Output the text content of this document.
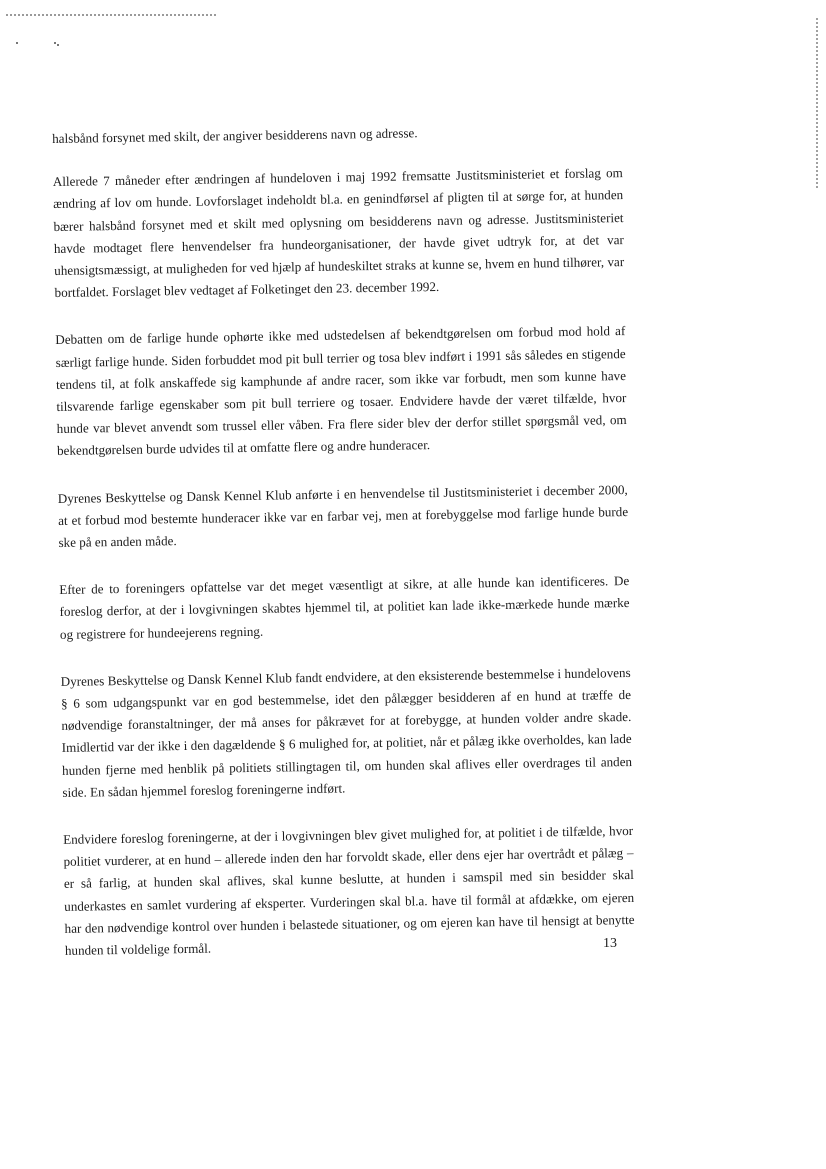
halsbånd forsynet med skilt, der angiver besidderens navn og adresse.

Allerede 7 måneder efter ændringen af hundeloven i maj 1992 fremsatte Justitsministeriet et forslag om ændring af lov om hunde. Lovforslaget indeholdt bl.a. en genindførsel af pligten til at sørge for, at hunden bærer halsbånd forsynet med et skilt med oplysning om besidderens navn og adresse. Justitsministeriet havde modtaget flere henvendelser fra hundeorganisationer, der havde givet udtryk for, at det var uhensigtsmæssigt, at muligheden for ved hjælp af hundeskiltet straks at kunne se, hvem en hund tilhører, var bortfaldet. Forslaget blev vedtaget af Folketinget den 23. december 1992.

Debatten om de farlige hunde ophørte ikke med udstedelsen af bekendtgørelsen om forbud mod hold af særligt farlige hunde. Siden forbuddet mod pit bull terrier og tosa blev indført i 1991 sås således en stigende tendens til, at folk anskaffede sig kamphunde af andre racer, som ikke var forbudt, men som kunne have tilsvarende farlige egenskaber som pit bull terriere og tosaer. Endvidere havde der været tilfælde, hvor hunde var blevet anvendt som trussel eller våben. Fra flere sider blev der derfor stillet spørgsmål ved, om bekendtgørelsen burde udvides til at omfatte flere og andre hunderacer.

Dyrenes Beskyttelse og Dansk Kennel Klub anførte i en henvendelse til Justitsministeriet i december 2000, at et forbud mod bestemte hunderacer ikke var en farbar vej, men at forebyggelse mod farlige hunde burde ske på en anden måde.

Efter de to foreningers opfattelse var det meget væsentligt at sikre, at alle hunde kan identificeres. De foreslog derfor, at der i lovgivningen skabtes hjemmel til, at politiet kan lade ikke-mærkede hunde mærke og registrere for hundeejerens regning.

Dyrenes Beskyttelse og Dansk Kennel Klub fandt endvidere, at den eksisterende bestemmelse i hundelovens § 6 som udgangspunkt var en god bestemmelse, idet den pålægger besidderen af en hund at træffe de nødvendige foranstaltninger, der må anses for påkrævet for at forebygge, at hunden volder andre skade. Imidlertid var der ikke i den dagældende § 6 mulighed for, at politiet, når et pålæg ikke overholdes, kan lade hunden fjerne med henblik på politiets stillingtagen til, om hunden skal aflives eller overdrages til anden side. En sådan hjemmel foreslog foreningerne indført.

Endvidere foreslog foreningerne, at der i lovgivningen blev givet mulighed for, at politiet i de tilfælde, hvor politiet vurderer, at en hund – allerede inden den har forvoldt skade, eller dens ejer har overtrådt et pålæg – er så farlig, at hunden skal aflives, skal kunne beslutte, at hunden i samspil med sin besidder skal underkastes en samlet vurdering af eksperter. Vurderingen skal bl.a. have til formål at afdække, om ejeren har den nødvendige kontrol over hunden i belastede situationer, og om ejeren kan have til hensigt at benytte hunden til voldelige formål.	13
